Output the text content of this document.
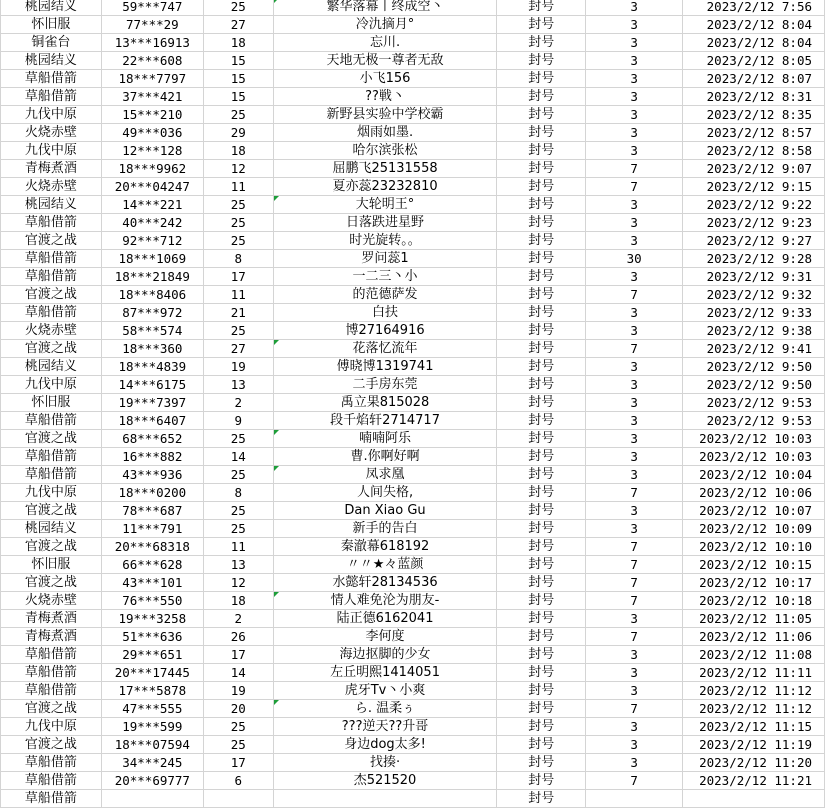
桃园结义	59***747	25	繁华落幕丨终成空丶	封号	3	2023/2/12 7:56
怀旧服	77***29	27	冷氿摘月°	封号	3	2023/2/12 8:04
铜雀台	13***16913	18	忘川.	封号	3	2023/2/12 8:04
桃园结义	22***608	15	天地无极一尊者无敌	封号	3	2023/2/12 8:05
草船借箭	18***7797	15	小飞156	封号	3	2023/2/12 8:07
草船借箭	37***421	15	??戦丶	封号	3	2023/2/12 8:31
九伐中原	15***210	25	新野县实验中学校霸	封号	3	2023/2/12 8:35
火烧赤壁	49***036	29	烟雨如墨.	封号	3	2023/2/12 8:57
九伐中原	12***128	18	哈尔滨张松	封号	3	2023/2/12 8:58
青梅煮酒	18***9962	12	屈鹏飞25131558	封号	7	2023/2/12 9:07
火烧赤壁	20***04247	11	夏亦蕊23232810	封号	7	2023/2/12 9:15
桃园结义	14***221	25	大轮明王°	封号	3	2023/2/12 9:22
草船借箭	40***242	25	日落跌进星野	封号	3	2023/2/12 9:23
官渡之战	92***712	25	时光旋转。。	封号	3	2023/2/12 9:27
草船借箭	18***1069	8	罗问蕊1	封号	30	2023/2/12 9:28
草船借箭	18***21849	17	一二三丶小	封号	3	2023/2/12 9:31
官渡之战	18***8406	11	的范德萨发	封号	7	2023/2/12 9:32
草船借箭	87***972	21	白扶	封号	3	2023/2/12 9:33
火烧赤壁	58***574	25	博27164916	封号	3	2023/2/12 9:38
官渡之战	18***360	27	花落忆流年	封号	7	2023/2/12 9:41
桃园结义	18***4839	19	傅晓博1319741	封号	3	2023/2/12 9:50
九伐中原	14***6175	13	二手房东莞	封号	3	2023/2/12 9:50
怀旧服	19***7397	2	禹立果815028	封号	3	2023/2/12 9:53
草船借箭	18***6407	9	段千焰轩2714717	封号	3	2023/2/12 9:53
官渡之战	68***652	25	喃喃阿乐	封号	3	2023/2/12 10:03
草船借箭	16***882	14	曹.你啊好啊	封号	3	2023/2/12 10:03
草船借箭	43***936	25	凤求凰	封号	3	2023/2/12 10:04
九伐中原	18***0200	8	人间失格,	封号	7	2023/2/12 10:06
官渡之战	78***687	25	Dan Xiao Gu	封号	3	2023/2/12 10:07
桃园结义	11***791	25	新手的告白	封号	3	2023/2/12 10:09
官渡之战	20***68318	11	秦澈幕618192	封号	7	2023/2/12 10:10
怀旧服	66***628	13	〃〃★々蓝颜	封号	7	2023/2/12 10:15
官渡之战	43***101	12	水懿轩28134536	封号	7	2023/2/12 10:17
火烧赤壁	76***550	18	情人难免沦为朋友-	封号	7	2023/2/12 10:18
青梅煮酒	19***3258	2	陆正德6162041	封号	3	2023/2/12 11:05
青梅煮酒	51***636	26	李何度	封号	7	2023/2/12 11:06
草船借箭	29***651	17	海边抠脚的少女	封号	3	2023/2/12 11:08
草船借箭	20***17445	14	左丘明熙1414051	封号	3	2023/2/12 11:11
草船借箭	17***5878	19	虎牙Tv丶小爽	封号	3	2023/2/12 11:12
官渡之战	47***555	20	ら. 温柔ぅ	封号	7	2023/2/12 11:12
九伐中原	19***599	25	???逆天??升哥	封号	3	2023/2/12 11:15
官渡之战	18***07594	25	身边dog太多!	封号	3	2023/2/12 11:19
草船借箭	34***245	17	找揍·	封号	3	2023/2/12 11:20
草船借箭	20***69777	6	杰521520	封号	7	2023/2/12 11:21
草船借箭				封号		
